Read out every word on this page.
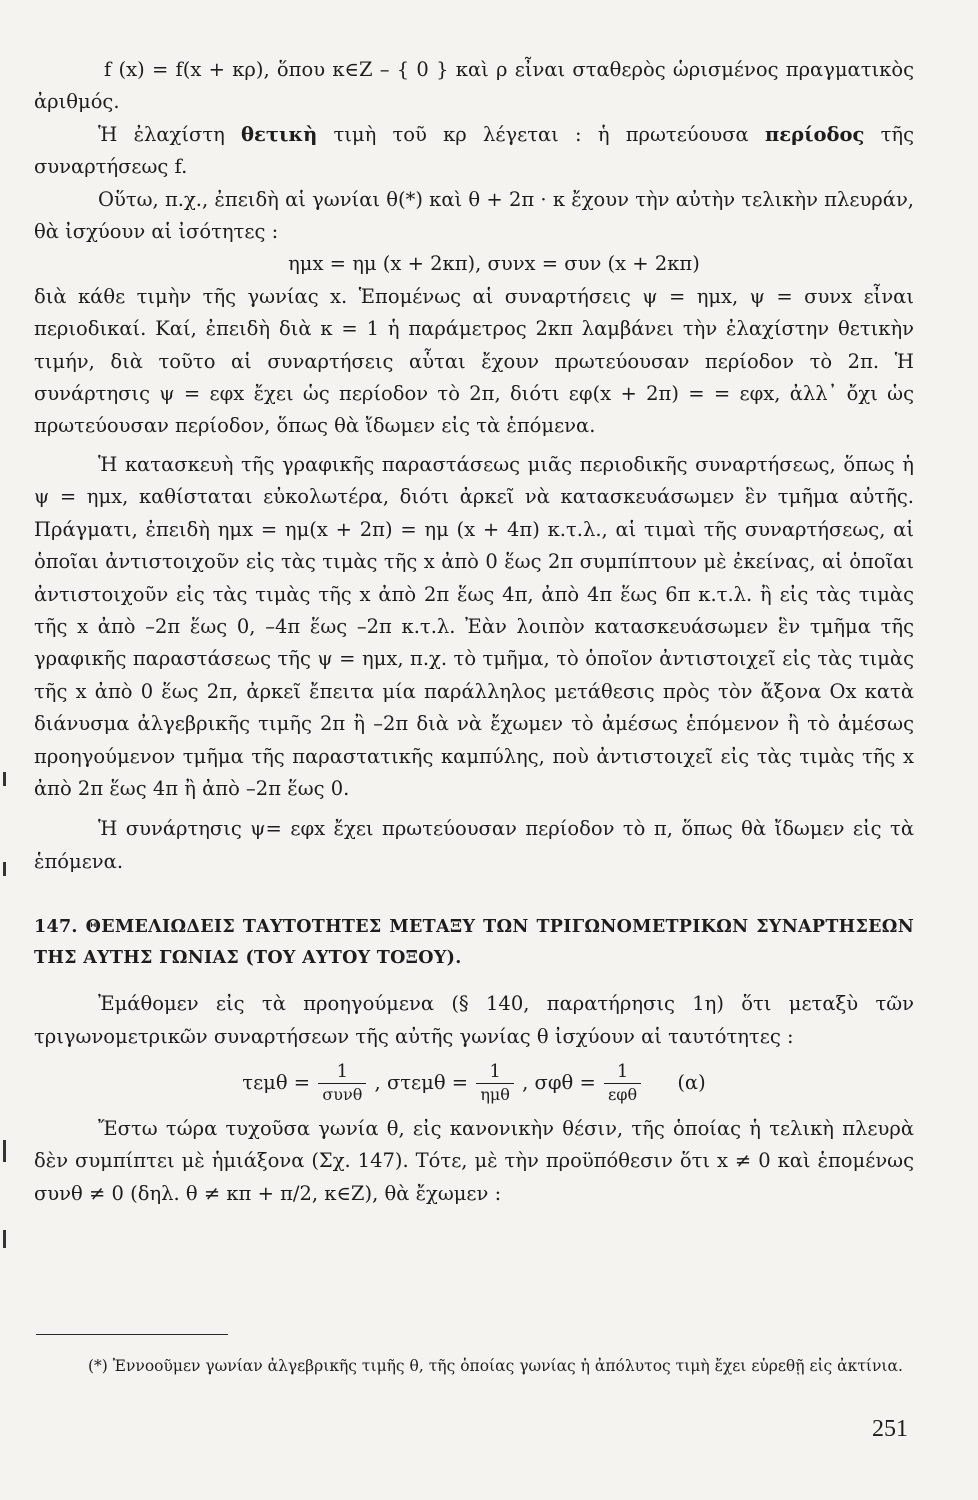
f (x) = f(x + κρ), ὅπου κ∈Z – { 0 } καὶ ρ εἶναι σταθερὸς ὡρισμένος πραγματικὸς ἀριθμός.

Ἡ ἐλαχίστη θετικὴ τιμὴ τοῦ κρ λέγεται : ἡ πρωτεύουσα περίοδος τῆς συναρτήσεως f.

Οὕτω, π.χ., ἐπειδὴ αἱ γωνίαι θ(*) καὶ θ + 2π · κ ἔχουν τὴν αὐτὴν τελικὴν πλευράν, θὰ ἰσχύουν αἱ ἰσότητες :

ημx = ημ (x + 2κπ), συνx = συν (x + 2κπ)

διὰ κάθε τιμὴν τῆς γωνίας x. Ἑπομένως αἱ συναρτήσεις ψ = ημx, ψ = συνx εἶναι περιοδικαί. Καί, ἐπειδὴ διὰ κ = 1 ἡ παράμετρος 2κπ λαμβάνει τὴν ἐλαχίστην θετικὴν τιμήν, διὰ τοῦτο αἱ συναρτήσεις αὗται ἔχουν πρωτεύουσαν περίοδον τὸ 2π. Ἡ συνάρτησις ψ = εφx ἔχει ὡς περίοδον τὸ 2π, διότι εφ(x + 2π) = = εφx, ἀλλ᾽ ὄχι ὡς πρωτεύουσαν περίοδον, ὅπως θὰ ἴδωμεν εἰς τὰ ἑπόμενα.

Ἡ κατασκευὴ τῆς γραφικῆς παραστάσεως μιᾶς περιοδικῆς συναρτήσεως, ὅπως ἡ ψ = ημx, καθίσταται εὐκολωτέρα, διότι ἀρκεῖ νὰ κατασκευάσωμεν ἓν τμῆμα αὐτῆς. Πράγματι, ἐπειδὴ ημx = ημ(x + 2π) = ημ (x + 4π) κ.τ.λ., αἱ τιμαὶ τῆς συναρτήσεως, αἱ ὁποῖαι ἀντιστοιχοῦν εἰς τὰς τιμὰς τῆς x ἀπὸ 0 ἕως 2π συμπίπτουν μὲ ἐκείνας, αἱ ὁποῖαι ἀντιστοιχοῦν εἰς τὰς τιμὰς τῆς x ἀπὸ 2π ἕως 4π, ἀπὸ 4π ἕως 6π κ.τ.λ. ἢ εἰς τὰς τιμὰς τῆς x ἀπὸ –2π ἕως 0, –4π ἕως –2π κ.τ.λ. Ἐὰν λοιπὸν κατασκευάσωμεν ἓν τμῆμα τῆς γραφικῆς παραστάσεως τῆς ψ = ημx, π.χ. τὸ τμῆμα, τὸ ὁποῖον ἀντιστοιχεῖ εἰς τὰς τιμὰς τῆς x ἀπὸ 0 ἕως 2π, ἀρκεῖ ἔπειτα μία παράλληλος μετάθεσις πρὸς τὸν ἄξονα Ox κατὰ διάνυσμα ἀλγεβρικῆς τιμῆς 2π ἢ –2π διὰ νὰ ἔχωμεν τὸ ἀμέσως ἑπόμενον ἢ τὸ ἀμέσως προηγούμενον τμῆμα τῆς παραστατικῆς καμπύλης, ποὺ ἀντιστοιχεῖ εἰς τὰς τιμὰς τῆς x ἀπὸ 2π ἕως 4π ἢ ἀπὸ –2π ἕως 0.

Ἡ συνάρτησις ψ= εφx ἔχει πρωτεύουσαν περίοδον τὸ π, ὅπως θὰ ἴδωμεν εἰς τὰ ἑπόμενα.

147. ΘΕΜΕΛΙΩΔΕΙΣ ΤΑΥΤΟΤΗΤΕΣ ΜΕΤΑΞΥ ΤΩΝ ΤΡΙΓΩΝΟΜΕΤΡΙΚΩΝ ΣΥΝΑΡΤΗΣΕΩΝ ΤΗΣ ΑΥΤΗΣ ΓΩΝΙΑΣ (ΤΟΥ ΑΥΤΟΥ ΤΟΞΟΥ).

Ἐμάθομεν εἰς τὰ προηγούμενα (§ 140, παρατήρησις 1η) ὅτι μεταξὺ τῶν τριγωνομετρικῶν συναρτήσεων τῆς αὐτῆς γωνίας θ ἰσχύουν αἱ ταυτότητες :

$\tau\varepsilon\mu\theta = \frac{1}{\text{συνθ}}$ , $\sigma\tau\varepsilon\mu\theta = \frac{1}{\text{ημθ}}$ , $\sigma\varphi\theta = \frac{1}{\text{εφθ}} (\alpha)$

Ἔστω τώρα τυχοῦσα γωνία θ, εἰς κανονικὴν θέσιν, τῆς ὁποίας ἡ τελικὴ πλευρὰ δὲν συμπίπτει μὲ ἡμιάξονα (Σχ. 147). Τότε, μὲ τὴν προϋπόθεσιν ὅτι x ≠ 0 καὶ ἑπομένως συνθ ≠ 0 (δηλ. θ ≠ κπ + π/2, κ∈Z), θὰ ἔχωμεν :

(*) Ἐννοοῦμεν γωνίαν ἀλγεβρικῆς τιμῆς θ, τῆς ὁποίας γωνίας ἡ ἀπόλυτος τιμὴ ἔχει εὑρεθῇ εἰς ἀκτίνια.

251
